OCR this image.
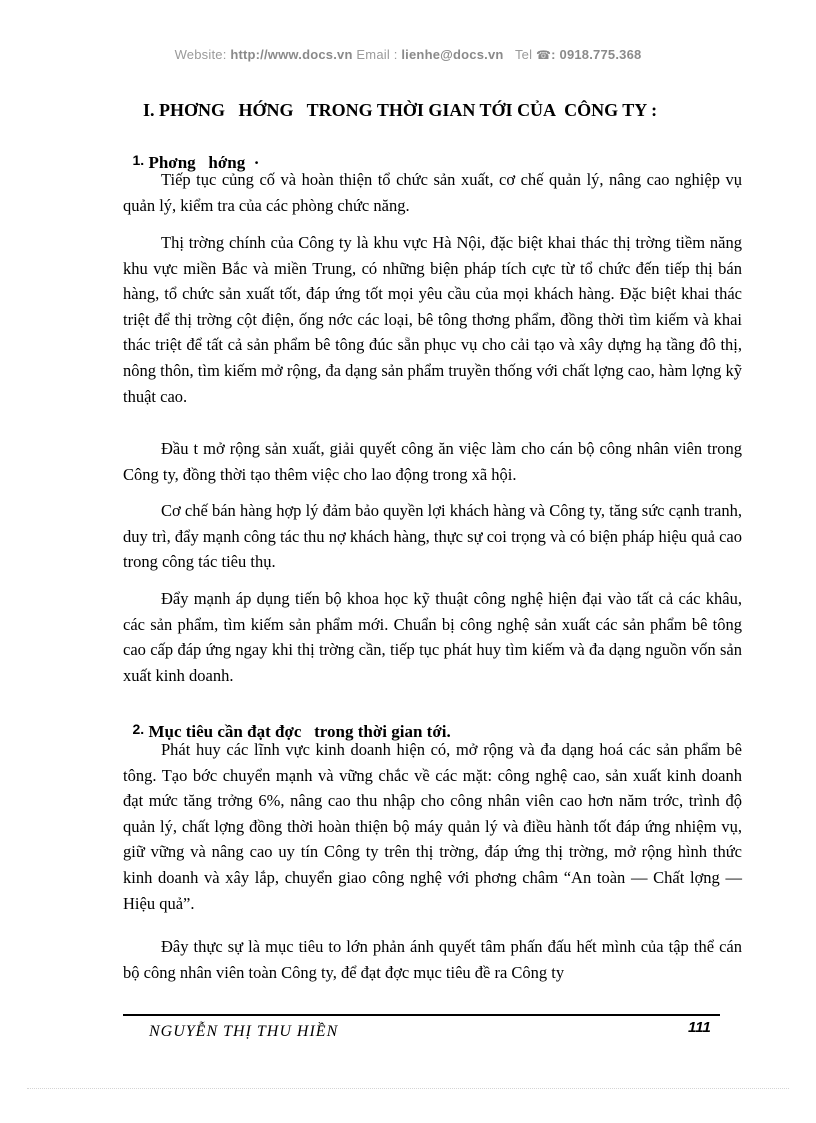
Website: http://www.docs.vn Email : lienhe@docs.vn Tel ☎: 0918.775.368
I. PHƠNG   HỚNG   TRONG THỜI GIAN TỚI CỦA  CÔNG TY :

1. Phơng   hớng  ·

Tiếp tục củng cố và hoàn thiện tổ chức sản xuất, cơ chế quản lý, nâng cao nghiệp vụ quản lý, kiểm tra của các phòng chức năng.
Thị trờng chính của Công ty là khu vực Hà Nội, đặc biệt khai thác thị trờng tiềm năng khu vực miền Bắc và miền Trung, có những biện pháp tích cực từ tổ chức đến tiếp thị bán hàng, tổ chức sản xuất tốt, đáp ứng tốt mọi yêu cầu của mọi khách hàng. Đặc biệt khai thác triệt để thị trờng cột điện, ống nớc các loại, bê tông thơng phẩm, đồng thời tìm kiếm và khai thác triệt để tất cả sản phẩm bê tông đúc sẵn phục vụ cho cải tạo và xây dựng hạ tầng đô thị, nông thôn, tìm kiếm mở rộng, đa dạng sản phẩm truyền thống với chất lợng cao, hàm lợng kỹ thuật cao.
Đầu t mở rộng sản xuất, giải quyết công ăn việc làm cho cán bộ công nhân viên trong Công ty, đồng thời tạo thêm việc cho lao động trong xã hội.
Cơ chế bán hàng hợp lý đảm bảo quyền lợi khách hàng và Công ty, tăng sức cạnh tranh, duy trì, đẩy mạnh công tác thu nợ khách hàng, thực sự coi trọng và có biện pháp hiệu quả cao trong công tác tiêu thụ.
Đẩy mạnh áp dụng tiến bộ khoa học kỹ thuật công nghệ hiện đại vào tất cả các khâu, các sản phẩm, tìm kiếm sản phẩm mới. Chuẩn bị công nghệ sản xuất các sản phẩm bê tông cao cấp đáp ứng ngay khi thị trờng cần, tiếp tục phát huy tìm kiếm và đa dạng nguồn vốn sản xuất kinh doanh.

2. Mục tiêu cần đạt đợc   trong thời gian tới.

Phát huy các lĩnh vực kinh doanh hiện có, mở rộng và đa dạng hoá các sản phẩm bê tông. Tạo bớc chuyển mạnh và vững chắc về các mặt: công nghệ cao, sản xuất kinh doanh đạt mức tăng trởng 6%, nâng cao thu nhập cho công nhân viên cao hơn năm trớc, trình độ quản lý, chất lợng đồng thời hoàn thiện bộ máy quản lý và điều hành tốt đáp ứng nhiệm vụ, giữ vững và nâng cao uy tín Công ty trên thị trờng, đáp ứng thị trờng, mở rộng hình thức kinh doanh và xây lắp, chuyển giao công nghệ với phơng châm “An toàn — Chất lợng — Hiệu quả”.
Đây thực sự là mục tiêu to lớn phản ánh quyết tâm phấn đấu hết mình của tập thể cán bộ công nhân viên toàn Công ty, để đạt đợc mục tiêu đề ra Công ty
NGUYỄN THỊ THU HIỀN	111
